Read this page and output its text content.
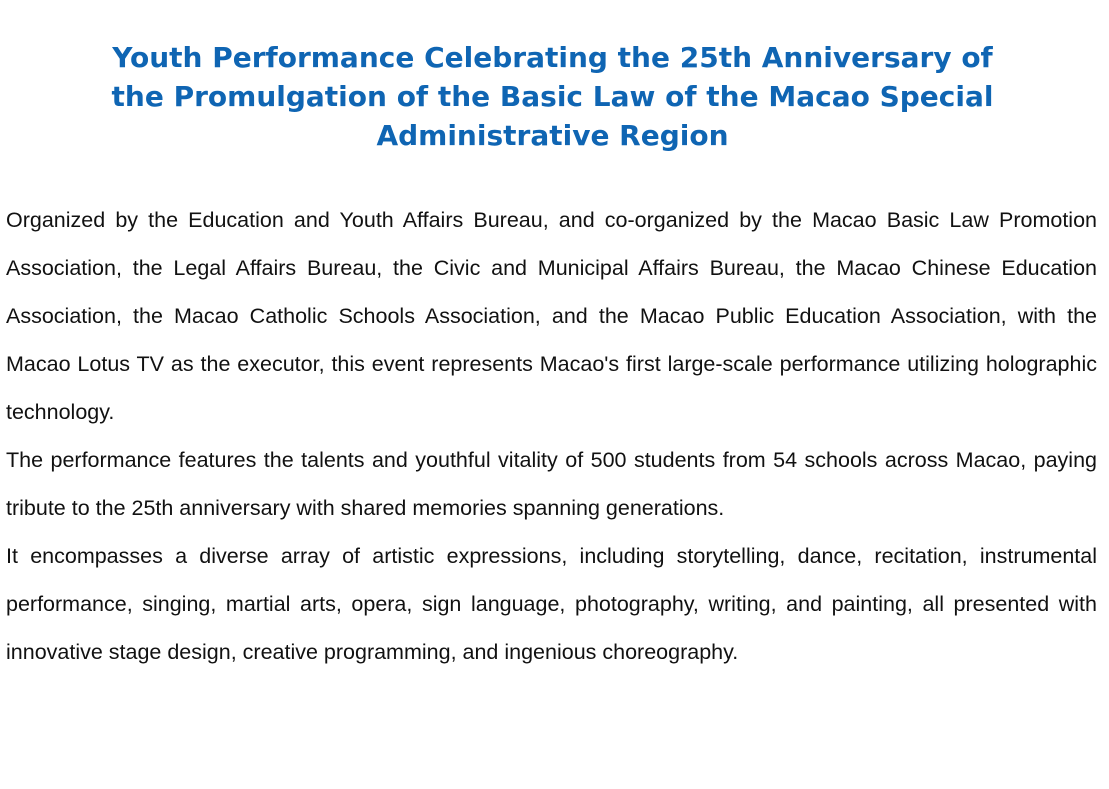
Youth Performance Celebrating the 25th Anniversary of
the Promulgation of the Basic Law of the Macao Special
Administrative Region

Organized by the Education and Youth Affairs Bureau, and co-organized by the Macao Basic Law Promotion Association, the Legal Affairs Bureau, the Civic and Municipal Affairs Bureau, the Macao Chinese Education Association, the Macao Catholic Schools Association, and the Macao Public Education Association, with the Macao Lotus TV as the executor, this event represents Macao's first large-scale performance utilizing holographic technology.

The performance features the talents and youthful vitality of 500 students from 54 schools across Macao, paying tribute to the 25th anniversary with shared memories spanning generations.

It encompasses a diverse array of artistic expressions, including storytelling, dance, recitation, instrumental performance, singing, martial arts, opera, sign language, photography, writing, and painting, all presented with innovative stage design, creative programming, and ingenious choreography.
